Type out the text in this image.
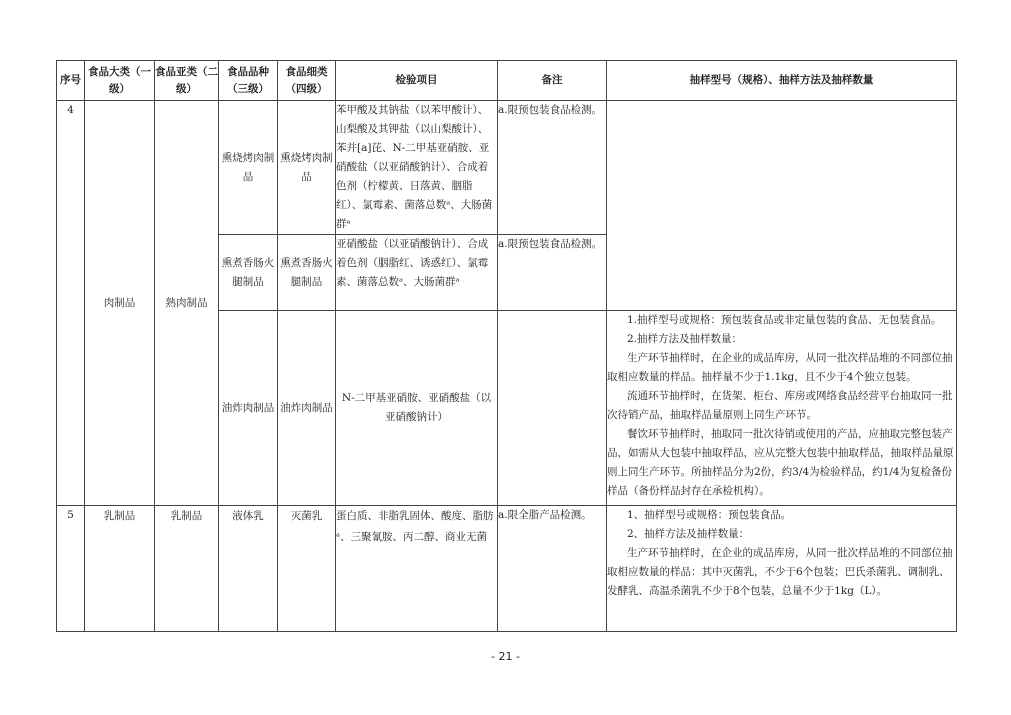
序号	食品大类（一级）	食品亚类（二级）	食品品种（三级）	食品细类（四级）	检验项目	备注	抽样型号（规格）、抽样方法及抽样数量
4	肉制品	熟肉制品	熏烧烤肉制品	熏烧烤肉制品	苯甲酸及其钠盐（以苯甲酸计）、山梨酸及其钾盐（以山梨酸计）、苯并[a]芘、N-二甲基亚硝胺、亚硝酸盐（以亚硝酸钠计）、合成着色剂（柠檬黄、日落黄、胭脂红）、氯霉素、菌落总数ᵃ、大肠菌群ᵃ	a.限预包装食品检测。	
			熏煮香肠火腿制品	熏煮香肠火腿制品	亚硝酸盐（以亚硝酸钠计）、合成着色剂（胭脂红、诱惑红）、氯霉素、菌落总数ᵃ、大肠菌群ᵃ	a.限预包装食品检测。	
			油炸肉制品	油炸肉制品	N-二甲基亚硝胺、亚硝酸盐（以亚硝酸钠计）		1.抽样型号或规格：预包装食品或非定量包装的食品、无包装食品。

2.抽样方法及抽样数量：

生产环节抽样时，在企业的成品库房，从同一批次样品堆的不同部位抽取相应数量的样品。抽样量不少于1.1kg，且不少于4个独立包装。

流通环节抽样时，在货架、柜台、库房或网络食品经营平台抽取同一批次待销产品，抽取样品量原则上同生产环节。

餐饮环节抽样时，抽取同一批次待销或使用的产品，应抽取完整包装产品，如需从大包装中抽取样品，应从完整大包装中抽取样品，抽取样品量原则上同生产环节。所抽样品分为2份，约3/4为检验样品，约1/4为复检备份样品（备份样品封存在承检机构）。

5	乳制品	乳制品	液体乳	灭菌乳	蛋白质、非脂乳固体、酸度、脂肪ᵃ、三聚氰胺、丙二醇、商业无菌	a.限全脂产品检测。	1、抽样型号或规格：预包装食品。

2、抽样方法及抽样数量：

生产环节抽样时，在企业的成品库房，从同一批次样品堆的不同部位抽取相应数量的样品：其中灭菌乳，不少于6个包装；巴氏杀菌乳、调制乳、发酵乳、高温杀菌乳不少于8个包装，总量不少于1kg（L）。

- 21 -
